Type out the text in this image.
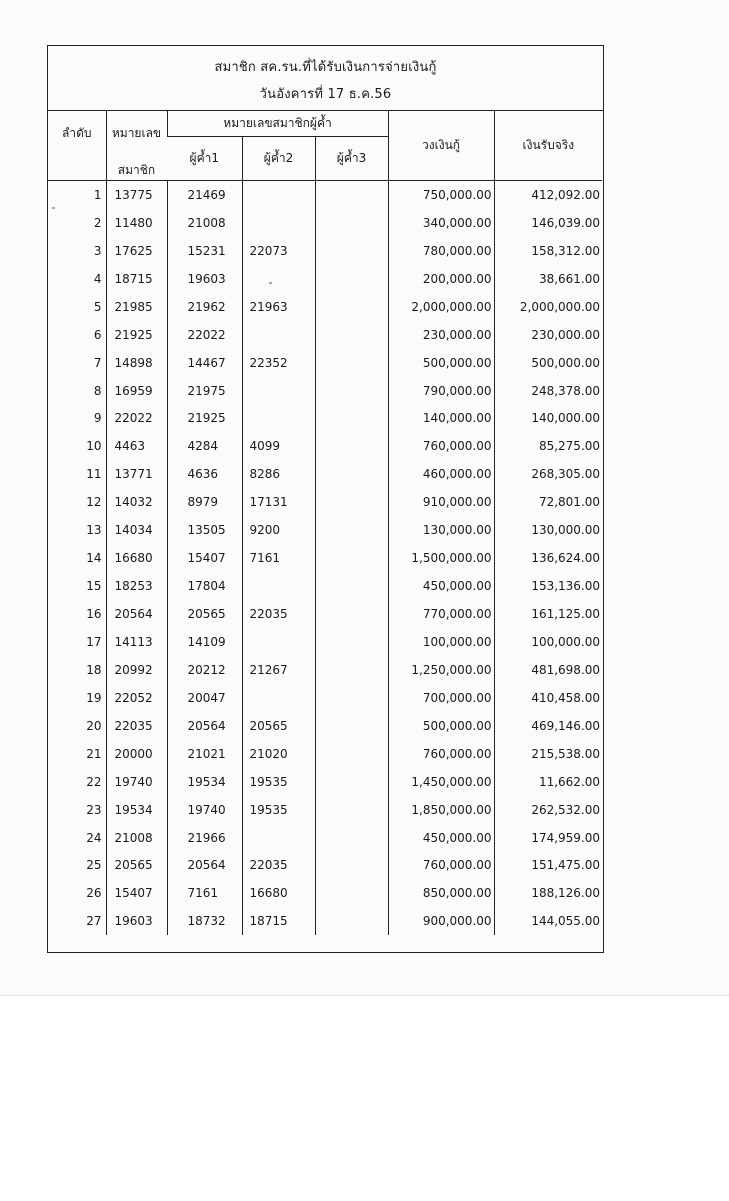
สมาชิก สค.รน.ที่ได้รับเงินการจ่ายเงินกู้
วันอังคารที่ 17 ธ.ค.56
ลำดับ	หมายเลข
สมาชิก	หมายเลขสมาชิกผู้ค้ำ			วงเงินกู้	เงินรับจริง
		ผู้ค้ำ1	ผู้ค้ำ2	ผู้ค้ำ3		
1	13775	21469			750,000.00	412,092.00
2	11480	21008			340,000.00	146,039.00
3	17625	15231	22073		780,000.00	158,312.00
4	18715	19603			200,000.00	38,661.00
5	21985	21962	21963		2,000,000.00	2,000,000.00
6	21925	22022			230,000.00	230,000.00
7	14898	14467	22352		500,000.00	500,000.00
8	16959	21975			790,000.00	248,378.00
9	22022	21925			140,000.00	140,000.00
10	4463	4284	4099		760,000.00	85,275.00
11	13771	4636	8286		460,000.00	268,305.00
12	14032	8979	17131		910,000.00	72,801.00
13	14034	13505	9200		130,000.00	130,000.00
14	16680	15407	7161		1,500,000.00	136,624.00
15	18253	17804			450,000.00	153,136.00
16	20564	20565	22035		770,000.00	161,125.00
17	14113	14109			100,000.00	100,000.00
18	20992	20212	21267		1,250,000.00	481,698.00
19	22052	20047			700,000.00	410,458.00
20	22035	20564	20565		500,000.00	469,146.00
21	20000	21021	21020		760,000.00	215,538.00
22	19740	19534	19535		1,450,000.00	11,662.00
23	19534	19740	19535		1,850,000.00	262,532.00
24	21008	21966			450,000.00	174,959.00
25	20565	20564	22035		760,000.00	151,475.00
26	15407	7161	16680		850,000.00	188,126.00
27	19603	18732	18715		900,000.00	144,055.00
